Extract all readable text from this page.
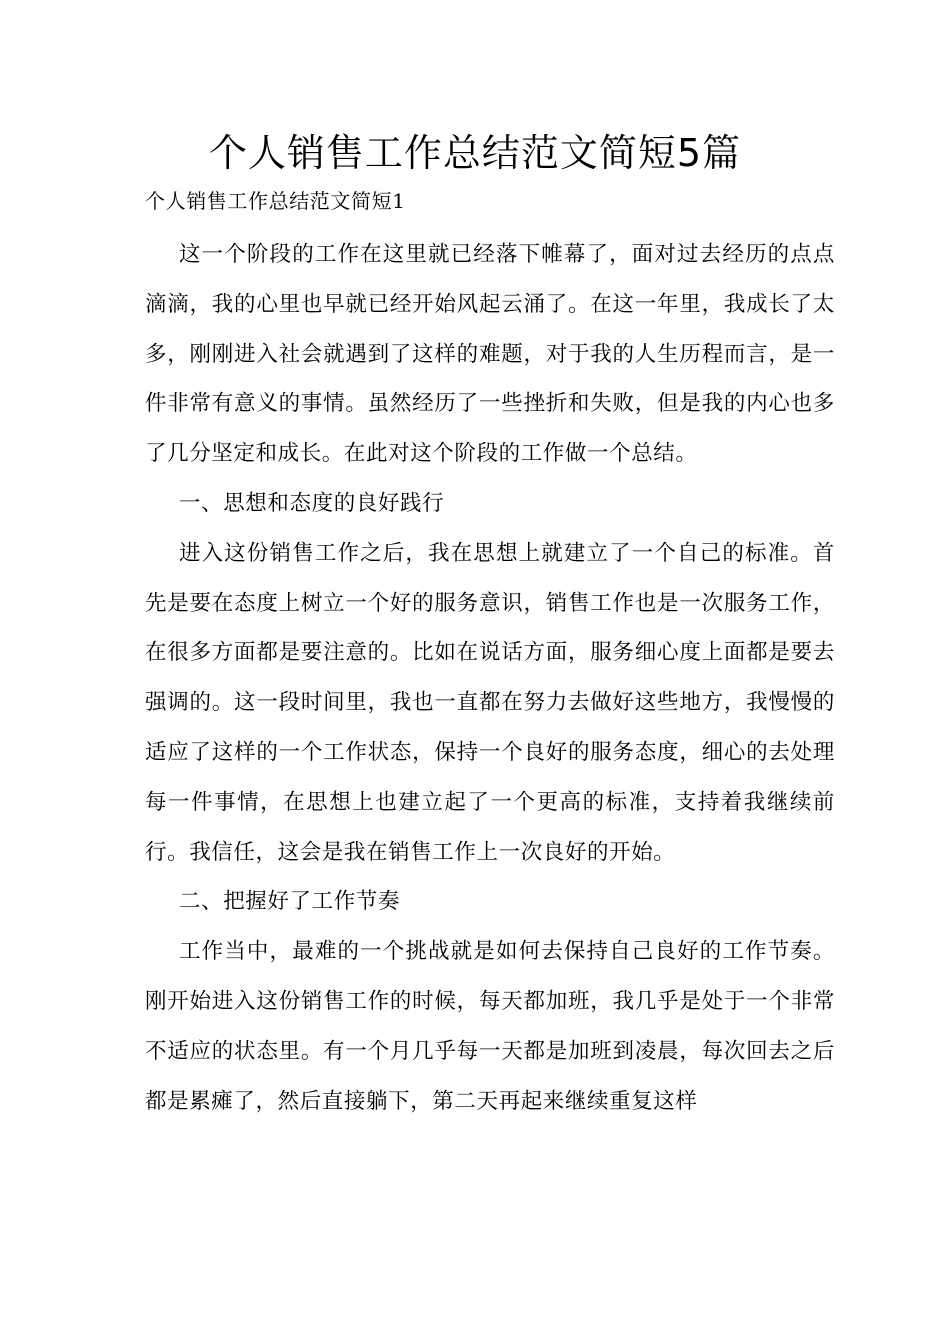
个人销售工作总结范文简短5篇

个人销售工作总结范文简短1

这一个阶段的工作在这里就已经落下帷幕了，面对过去经历的点点滴滴，我的心里也早就已经开始风起云涌了。在这一年里，我成长了太多，刚刚进入社会就遇到了这样的难题，对于我的人生历程而言，是一件非常有意义的事情。虽然经历了一些挫折和失败，但是我的内心也多了几分坚定和成长。在此对这个阶段的工作做一个总结。

一、思想和态度的良好践行

进入这份销售工作之后，我在思想上就建立了一个自己的标准。首先是要在态度上树立一个好的服务意识，销售工作也是一次服务工作，在很多方面都是要注意的。比如在说话方面，服务细心度上面都是要去强调的。这一段时间里，我也一直都在努力去做好这些地方，我慢慢的适应了这样的一个工作状态，保持一个良好的服务态度，细心的去处理每一件事情，在思想上也建立起了一个更高的标准，支持着我继续前行。我信任，这会是我在销售工作上一次良好的开始。

二、把握好了工作节奏

工作当中，最难的一个挑战就是如何去保持自己良好的工作节奏。刚开始进入这份销售工作的时候，每天都加班，我几乎是处于一个非常不适应的状态里。有一个月几乎每一天都是加班到凌晨，每次回去之后都是累瘫了，然后直接躺下，第二天再起来继续重复这样
